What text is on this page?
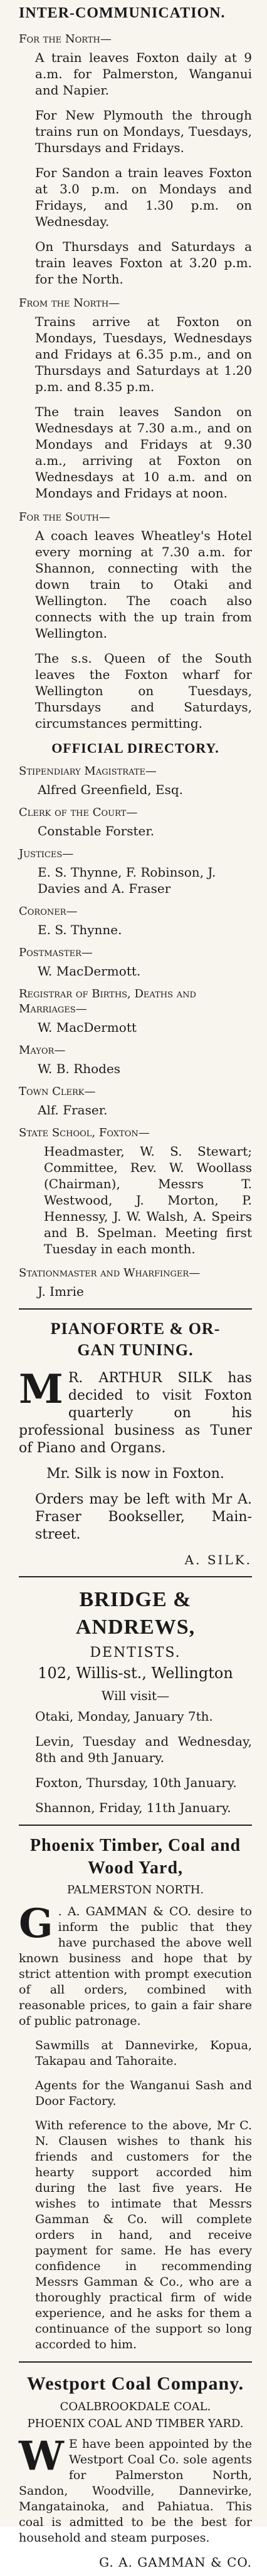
INTER-COMMUNICATION.
For the North—

A train leaves Foxton daily at 9 a.m. for Palmerston, Wanganui and Napier.

For New Plymouth the through trains run on Mondays, Tuesdays, Thursdays and Fridays.

For Sandon a train leaves Foxton at 3.0 p.m. on Mondays and Fridays, and 1.30 p.m. on Wednesday.

On Thursdays and Saturdays a train leaves Foxton at 3.20 p.m. for the North.

From the North—

Trains arrive at Foxton on Mondays, Tuesdays, Wednesdays and Fridays at 6.35 p.m., and on Thursdays and Saturdays at 1.20 p.m. and 8.35 p.m.

The train leaves Sandon on Wednesdays at 7.30 a.m., and on Mondays and Fridays at 9.30 a.m., arriving at Foxton on Wednesdays at 10 a.m. and on Mondays and Fridays at noon.

For the South—

A coach leaves Wheatley's Hotel every morning at 7.30 a.m. for Shannon, connecting with the down train to Otaki and Wellington. The coach also connects with the up train from Wellington.

The s.s. Queen of the South leaves the Foxton wharf for Wellington on Tuesdays, Thursdays and Saturdays, circumstances permitting.

OFFICIAL DIRECTORY.
Stipendiary Magistrate—
Alfred Greenfield, Esq.
Clerk of the Court—
Constable Forster.
Justices—
E. S. Thynne, F. Robinson, J. Davies and A. Fraser
Coroner—
E. S. Thynne.
Postmaster—
W. MacDermott.
Registrar of Births, Deaths and Marriages—
W. MacDermott
Mayor—
W. B. Rhodes
Town Clerk—
Alf. Fraser.
State School, Foxton—

Headmaster, W. S. Stewart; Committee, Rev. W. Woollass (Chairman), Messrs T. Westwood, J. Morton, P. Hennessy, J. W. Walsh, A. Speirs and B. Spelman. Meeting first Tuesday in each month.

Stationmaster and Wharfinger—
J. Imrie
PIANOFORTE & OR-
GAN TUNING.

M R. ARTHUR SILK has decided to visit Foxton quarterly on his professional business as Tuner of Piano and Organs.

Mr. Silk is now in Foxton.

Orders may be left with Mr A. Fraser Bookseller, Main-street.

A. SILK.
BRIDGE & ANDREWS,
DENTISTS.
102, Willis-st., Wellington
Will visit—

Otaki, Monday, January 7th.

Levin, Tuesday and Wednesday, 8th and 9th January.

Foxton, Thursday, 10th January.

Shannon, Friday, 11th January.

Phoenix Timber, Coal and
Wood Yard,
PALMERSTON NORTH.

G . A. GAMMAN & CO. desire to inform the public that they have purchased the above well known business and hope that by strict attention with prompt execution of all orders, combined with reasonable prices, to gain a fair share of public patronage.

Sawmills at Dannevirke, Kopua, Takapau and Tahoraite.

Agents for the Wanganui Sash and Door Factory.

With reference to the above, Mr C. N. Clausen wishes to thank his friends and customers for the hearty support accorded him during the last five years. He wishes to intimate that Messrs Gamman & Co. will complete orders in hand, and receive payment for same. He has every confidence in recommending Messrs Gamman & Co., who are a thoroughly practical firm of wide experience, and he asks for them a continuance of the support so long accorded to him.

Westport Coal Company.
COALBROOKDALE COAL.
PHOENIX COAL AND TIMBER YARD.

W E have been appointed by the Westport Coal Co. sole agents for Palmerston North, Sandon, Woodville, Dannevirke, Mangatainoka, and Pahiatua. This coal is admitted to be the best for household and steam purposes.

G. A. GAMMAN & CO.
